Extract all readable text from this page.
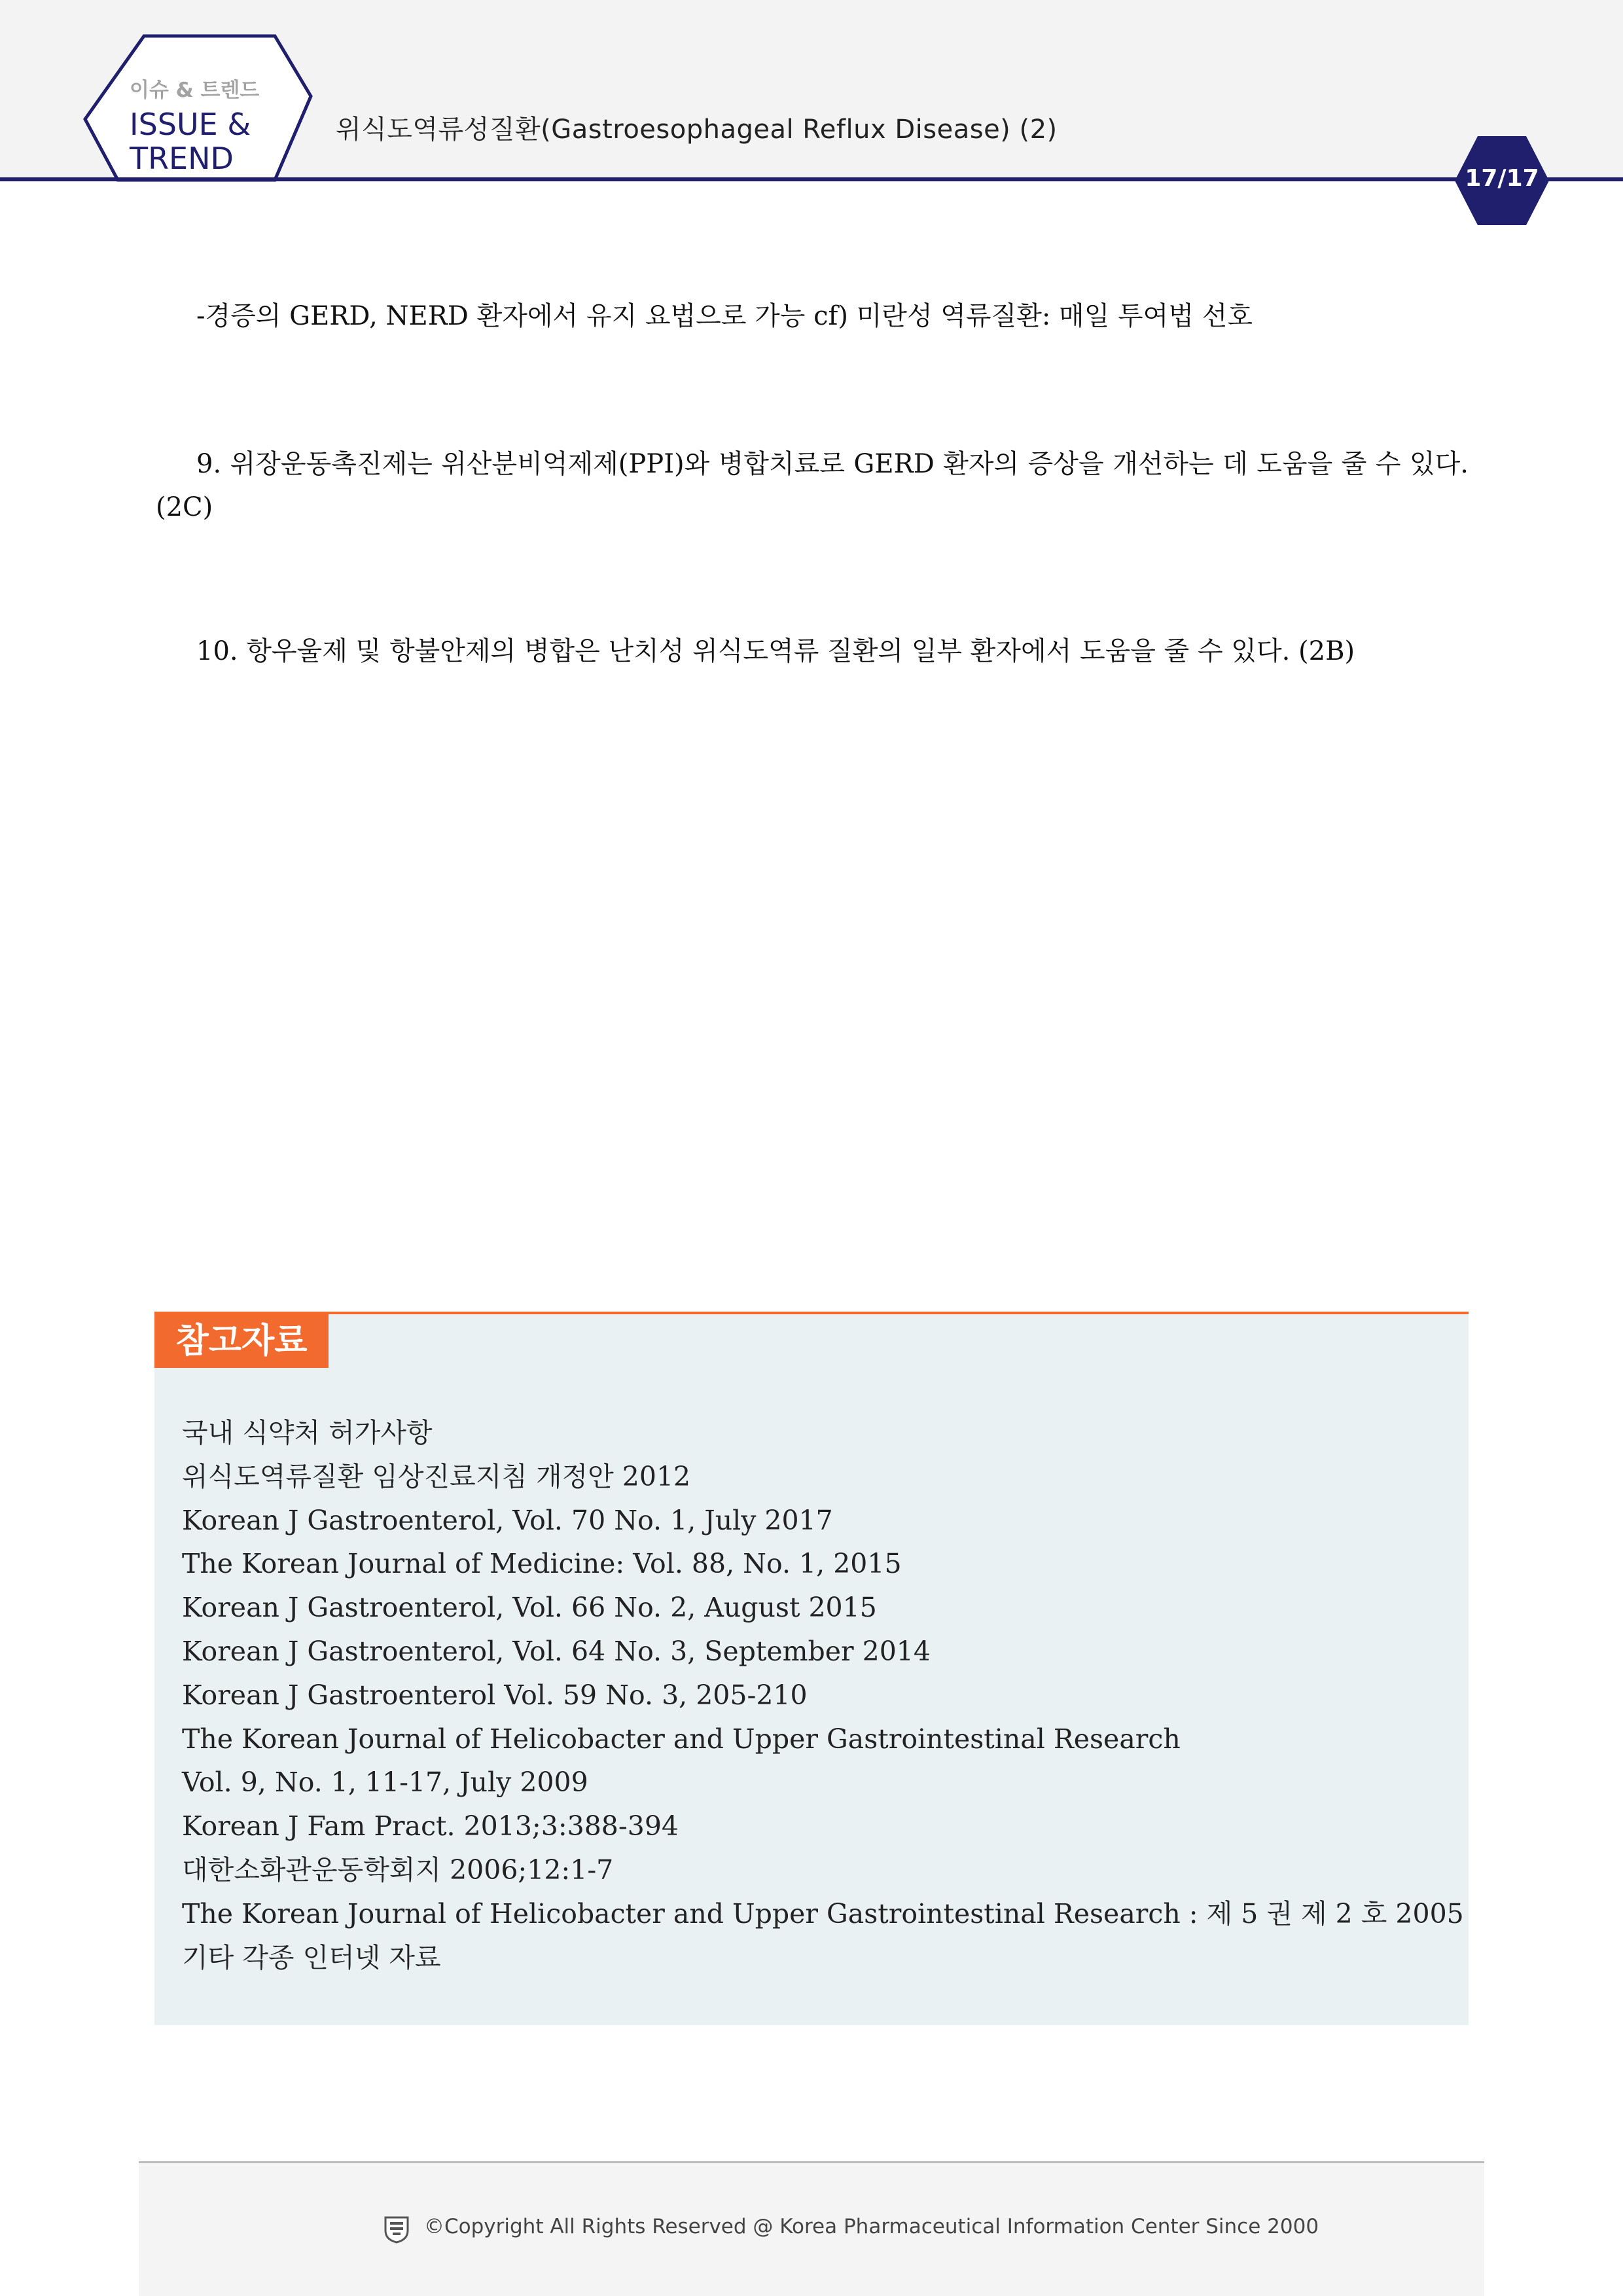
이슈 & 트렌드
ISSUE &
TREND
위식도역류성질환(Gastroesophageal Reflux Disease) (2)
17/17
-경증의 GERD, NERD 환자에서 유지 요법으로 가능 cf) 미란성 역류질환: 매일 투여법 선호
9. 위장운동촉진제는 위산분비억제제(PPI)와 병합치료로 GERD 환자의 증상을 개선하는 데 도움을 줄 수 있다. (2C)
10. 항우울제 및 항불안제의 병합은 난치성 위식도역류 질환의 일부 환자에서 도움을 줄 수 있다. (2B)
참고자료
국내 식약처 허가사항
위식도역류질환 임상진료지침 개정안 2012
Korean J Gastroenterol, Vol. 70 No. 1, July 2017
The Korean Journal of Medicine: Vol. 88, No. 1, 2015
Korean J Gastroenterol, Vol. 66 No. 2, August 2015
Korean J Gastroenterol, Vol. 64 No. 3, September 2014
Korean J Gastroenterol Vol. 59 No. 3, 205-210
The Korean Journal of Helicobacter and Upper Gastrointestinal Research
Vol. 9, No. 1, 11-17, July 2009
Korean J Fam Pract. 2013;3:388-394
대한소화관운동학회지 2006;12:1-7
The Korean Journal of Helicobacter and Upper Gastrointestinal Research : 제 5 권 제 2 호 2005
기타 각종 인터넷 자료
©Copyright All Rights Reserved @ Korea Pharmaceutical Information Center Since 2000
